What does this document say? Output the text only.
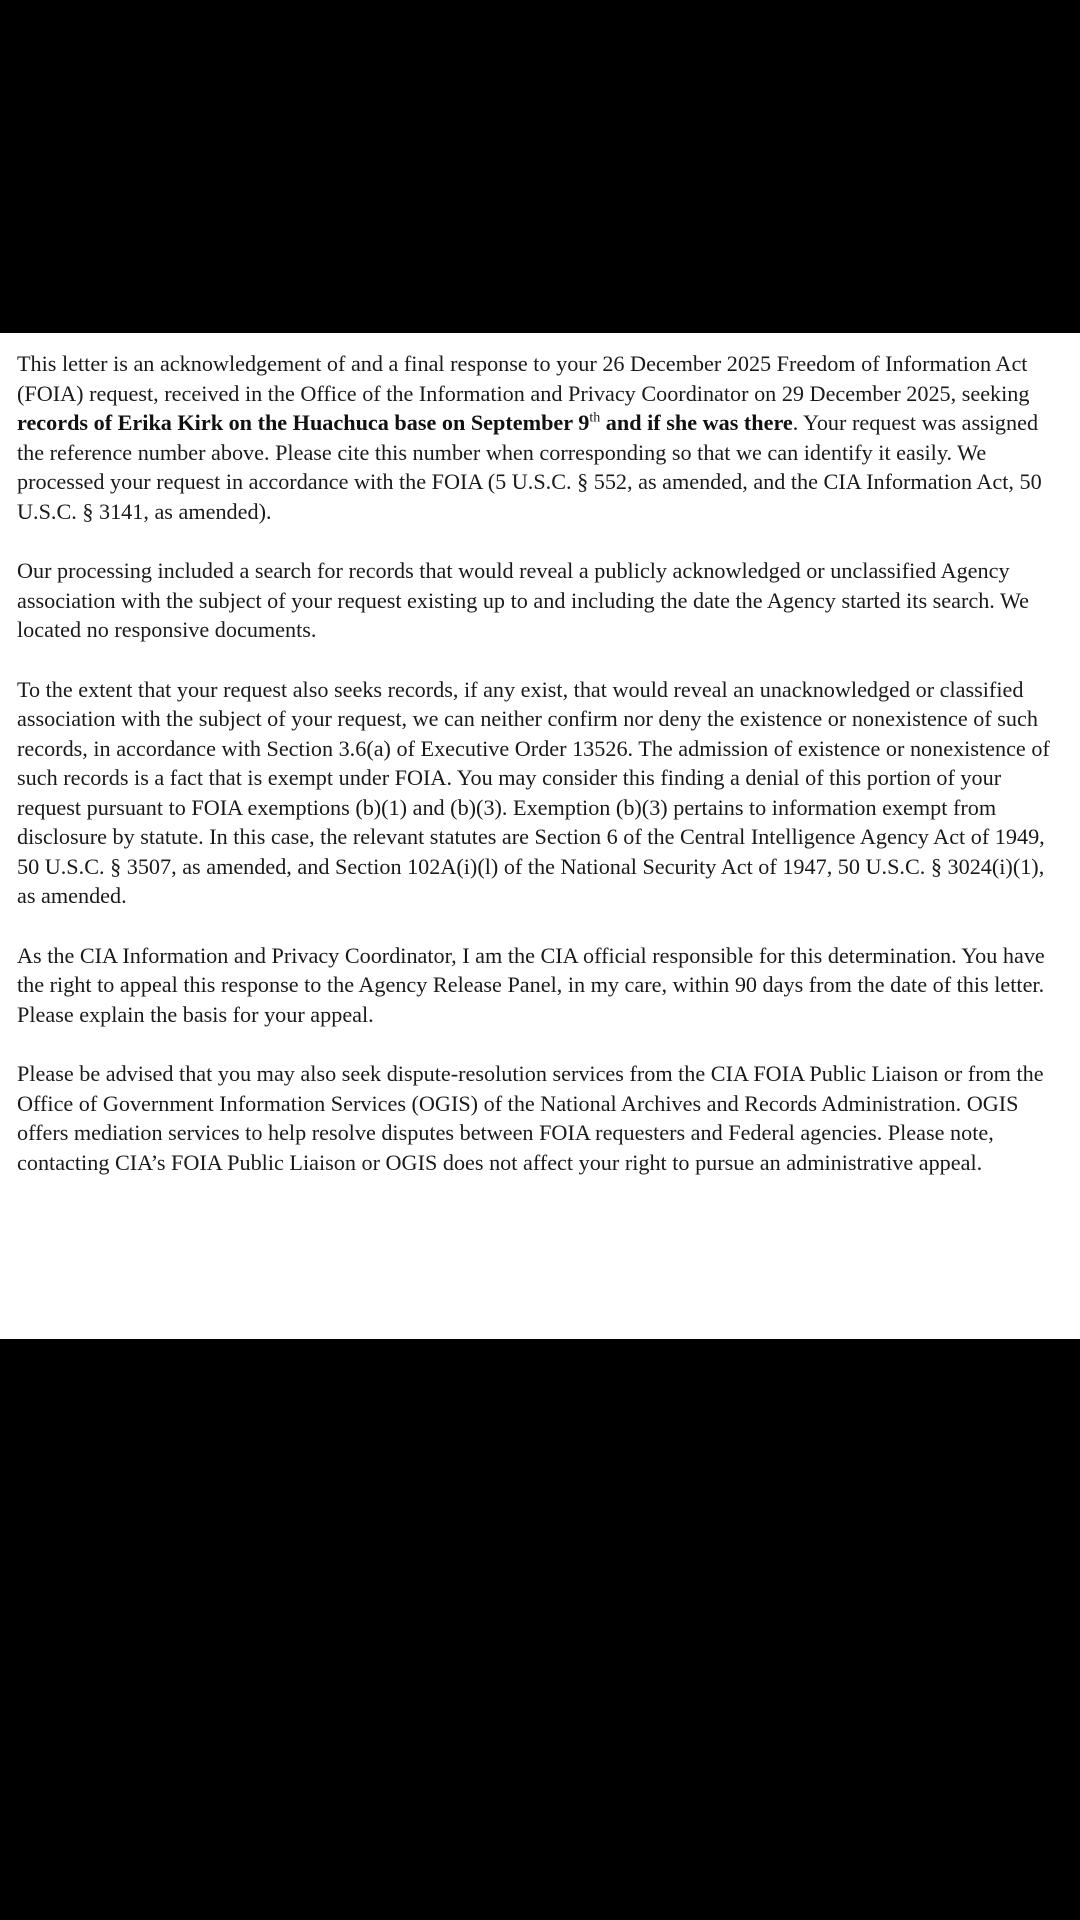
This letter is an acknowledgement of and a final response to your 26 December 2025 Freedom of Information Act (FOIA) request, received in the Office of the Information and Privacy Coordinator on 29 December 2025, seeking records of Erika Kirk on the Huachuca base on September 9th and if she was there. Your request was assigned the reference number above. Please cite this number when corresponding so that we can identify it easily. We processed your request in accordance with the FOIA (5 U.S.C. § 552, as amended, and the CIA Information Act, 50 U.S.C. § 3141, as amended).

Our processing included a search for records that would reveal a publicly acknowledged or unclassified Agency association with the subject of your request existing up to and including the date the Agency started its search. We located no responsive documents.

To the extent that your request also seeks records, if any exist, that would reveal an unacknowledged or classified association with the subject of your request, we can neither confirm nor deny the existence or nonexistence of such records, in accordance with Section 3.6(a) of Executive Order 13526. The admission of existence or nonexistence of such records is a fact that is exempt under FOIA. You may consider this finding a denial of this portion of your request pursuant to FOIA exemptions (b)(1) and (b)(3). Exemption (b)(3) pertains to information exempt from disclosure by statute. In this case, the relevant statutes are Section 6 of the Central Intelligence Agency Act of 1949, 50 U.S.C. § 3507, as amended, and Section 102A(i)(l) of the National Security Act of 1947, 50 U.S.C. § 3024(i)(1), as amended.

As the CIA Information and Privacy Coordinator, I am the CIA official responsible for this determination. You have the right to appeal this response to the Agency Release Panel, in my care, within 90 days from the date of this letter. Please explain the basis for your appeal.

Please be advised that you may also seek dispute-resolution services from the CIA FOIA Public Liaison or from the Office of Government Information Services (OGIS) of the National Archives and Records Administration. OGIS offers mediation services to help resolve disputes between FOIA requesters and Federal agencies. Please note, contacting CIA’s FOIA Public Liaison or OGIS does not affect your right to pursue an administrative appeal.
